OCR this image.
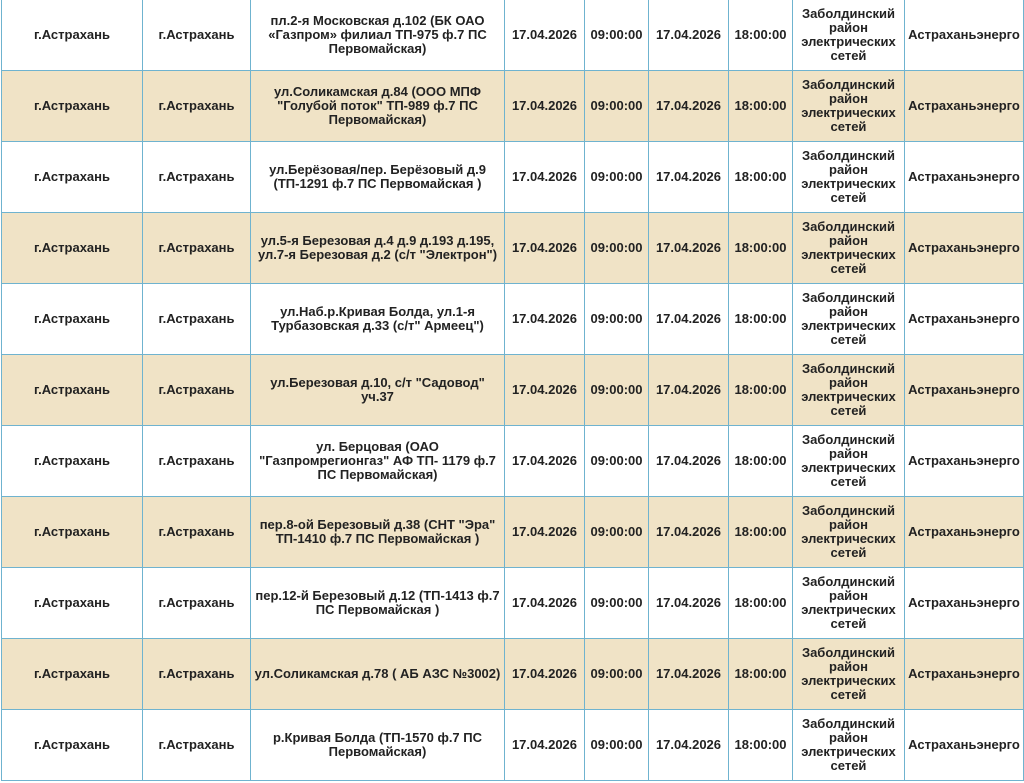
г.Астрахань	г.Астрахань	пл.2-я Московская д.102 (БК ОАО «Газпром» филиал ТП-975 ф.7 ПС Первомайская)	17.04.2026	09:00:00	17.04.2026	18:00:00	Заболдинский район электрических сетей	Астраханьэнерго
г.Астрахань	г.Астрахань	ул.Соликамская д.84 (ООО МПФ "Голубой поток" ТП-989 ф.7 ПС Первомайская)	17.04.2026	09:00:00	17.04.2026	18:00:00	Заболдинский район электрических сетей	Астраханьэнерго
г.Астрахань	г.Астрахань	ул.Берёзовая/пер. Берёзовый д.9 (ТП-1291 ф.7 ПС Первомайская )	17.04.2026	09:00:00	17.04.2026	18:00:00	Заболдинский район электрических сетей	Астраханьэнерго
г.Астрахань	г.Астрахань	ул.5-я Березовая д.4 д.9 д.193 д.195, ул.7-я Березовая д.2 (с/т "Электрон")	17.04.2026	09:00:00	17.04.2026	18:00:00	Заболдинский район электрических сетей	Астраханьэнерго
г.Астрахань	г.Астрахань	ул.Наб.р.Кривая Болда, ул.1-я Турбазовская д.33 (с/т" Армеец")	17.04.2026	09:00:00	17.04.2026	18:00:00	Заболдинский район электрических сетей	Астраханьэнерго
г.Астрахань	г.Астрахань	ул.Березовая д.10, с/т "Садовод" уч.37	17.04.2026	09:00:00	17.04.2026	18:00:00	Заболдинский район электрических сетей	Астраханьэнерго
г.Астрахань	г.Астрахань	ул. Берцовая (ОАО "Газпромрегионгаз" АФ ТП- 1179 ф.7 ПС Первомайская)	17.04.2026	09:00:00	17.04.2026	18:00:00	Заболдинский район электрических сетей	Астраханьэнерго
г.Астрахань	г.Астрахань	пер.8-ой Березовый д.38 (СНТ "Эра" ТП-1410 ф.7 ПС Первомайская )	17.04.2026	09:00:00	17.04.2026	18:00:00	Заболдинский район электрических сетей	Астраханьэнерго
г.Астрахань	г.Астрахань	пер.12-й Березовый д.12 (ТП-1413 ф.7 ПС Первомайская )	17.04.2026	09:00:00	17.04.2026	18:00:00	Заболдинский район электрических сетей	Астраханьэнерго
г.Астрахань	г.Астрахань	ул.Соликамская д.78 ( АБ АЗС №3002)	17.04.2026	09:00:00	17.04.2026	18:00:00	Заболдинский район электрических сетей	Астраханьэнерго
г.Астрахань	г.Астрахань	р.Кривая Болда (ТП-1570 ф.7 ПС Первомайская)	17.04.2026	09:00:00	17.04.2026	18:00:00	Заболдинский район электрических сетей	Астраханьэнерго
